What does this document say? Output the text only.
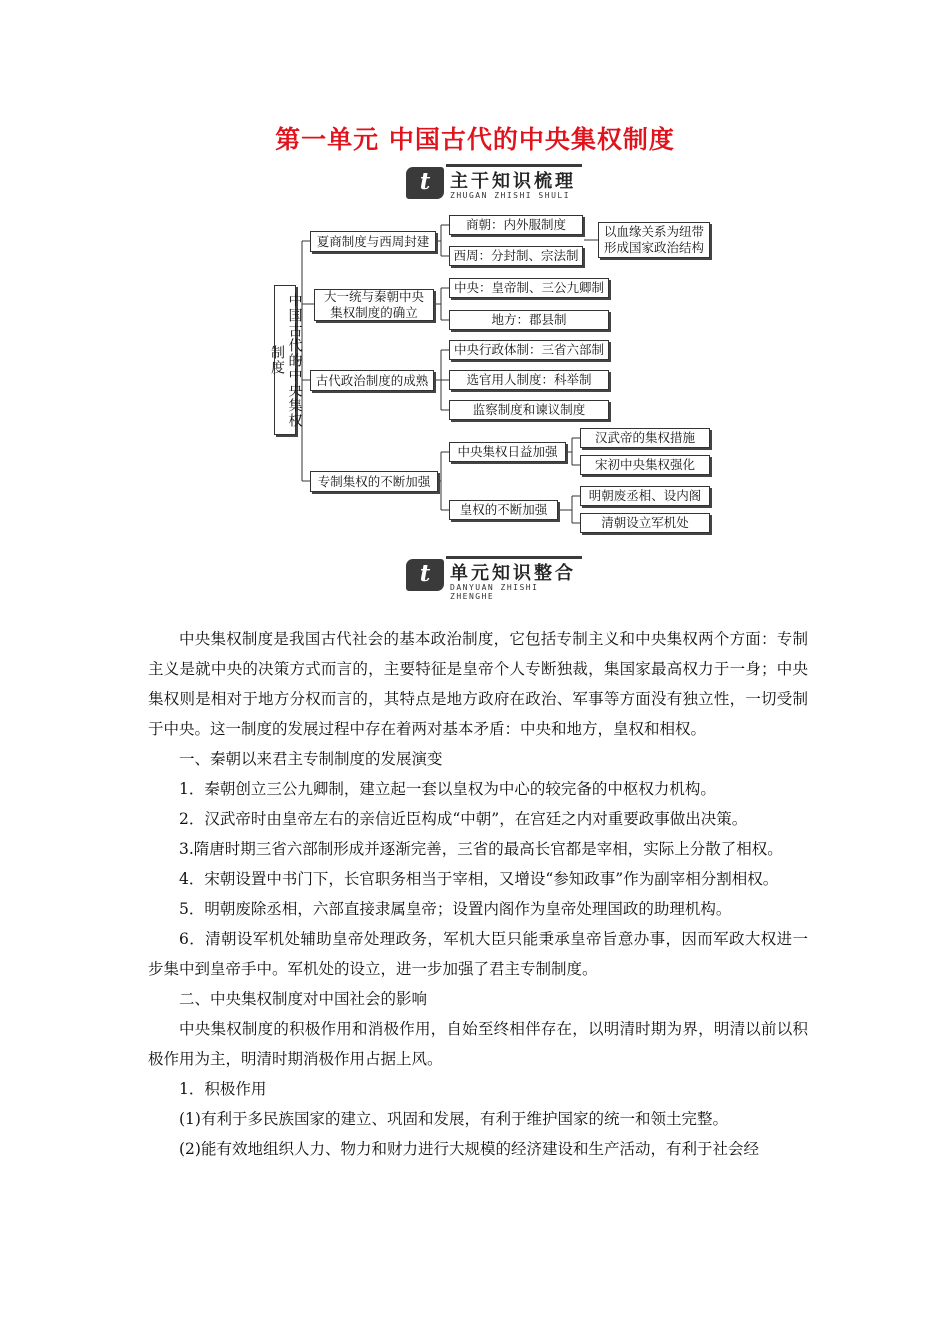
第一单元 中国古代的中央集权制度
t	主干知识梳理
ZHUGAN ZHISHI SHULI
中国古代的中央集权制度
夏商制度与西周封建
商朝：内外服制度
西周：分封制、宗法制
以血缘关系为纽带形成国家政治结构
大一统与秦朝中央集权制度的确立
中央：皇帝制、三公九卿制
地方：郡县制
古代政治制度的成熟
中央行政体制：三省六部制
选官用人制度：科举制
监察制度和谏议制度
专制集权的不断加强
中央集权日益加强
汉武帝的集权措施
宋初中央集权强化
皇权的不断加强
明朝废丞相、设内阁
清朝设立军机处
t	单元知识整合
DANYUAN ZHISHI ZHENGHE

中央集权制度是我国古代社会的基本政治制度，它包括专制主义和中央集权两个方面：专制主义是就中央的决策方式而言的，主要特征是皇帝个人专断独裁，集国家最高权力于一身；中央集权则是相对于地方分权而言的，其特点是地方政府在政治、军事等方面没有独立性，一切受制于中央。这一制度的发展过程中存在着两对基本矛盾：中央和地方，皇权和相权。

一、秦朝以来君主专制制度的发展演变

1．秦朝创立三公九卿制，建立起一套以皇权为中心的较完备的中枢权力机构。

2．汉武帝时由皇帝左右的亲信近臣构成“中朝”，在宫廷之内对重要政事做出决策。

3.隋唐时期三省六部制形成并逐渐完善，三省的最高长官都是宰相，实际上分散了相权。

4．宋朝设置中书门下，长官职务相当于宰相，又增设“参知政事”作为副宰相分割相权。

5．明朝废除丞相，六部直接隶属皇帝；设置内阁作为皇帝处理国政的助理机构。

6．清朝设军机处辅助皇帝处理政务，军机大臣只能秉承皇帝旨意办事，因而军政大权进一步集中到皇帝手中。军机处的设立，进一步加强了君主专制制度。

二、中央集权制度对中国社会的影响

中央集权制度的积极作用和消极作用，自始至终相伴存在，以明清时期为界，明清以前以积极作用为主，明清时期消极作用占据上风。

1．积极作用

(1)有利于多民族国家的建立、巩固和发展，有利于维护国家的统一和领土完整。

(2)能有效地组织人力、物力和财力进行大规模的经济建设和生产活动，有利于社会经
